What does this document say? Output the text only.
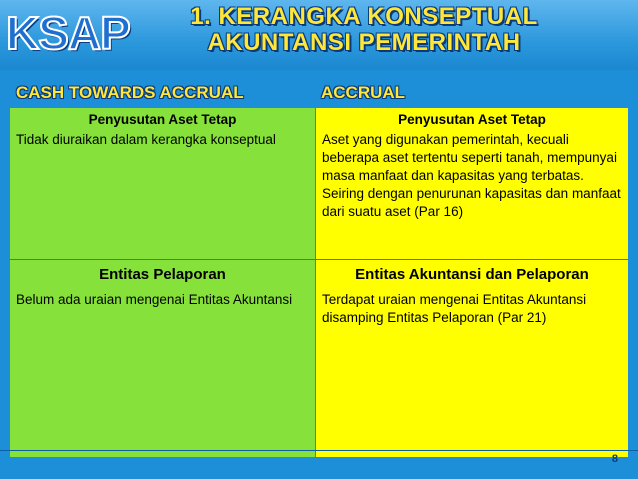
KSAP	1. KERANGKA KONSEPTUAL
AKUNTANSI PEMERINTAH
CASH TOWARDS ACCRUAL	ACCRUAL
Penyusutan Aset Tetap
Tidak diuraikan dalam kerangka konseptual
Entitas Pelaporan
Belum ada uraian mengenai Entitas Akuntansi
Penyusutan Aset Tetap
Aset yang digunakan pemerintah, kecuali beberapa aset tertentu seperti tanah, mempunyai masa manfaat dan kapasitas yang terbatas. Seiring dengan penurunan kapasitas dan manfaat dari suatu aset (Par 16)
Entitas Akuntansi dan Pelaporan
Terdapat uraian mengenai Entitas Akuntansi disamping Entitas Pelaporan (Par 21)
8
